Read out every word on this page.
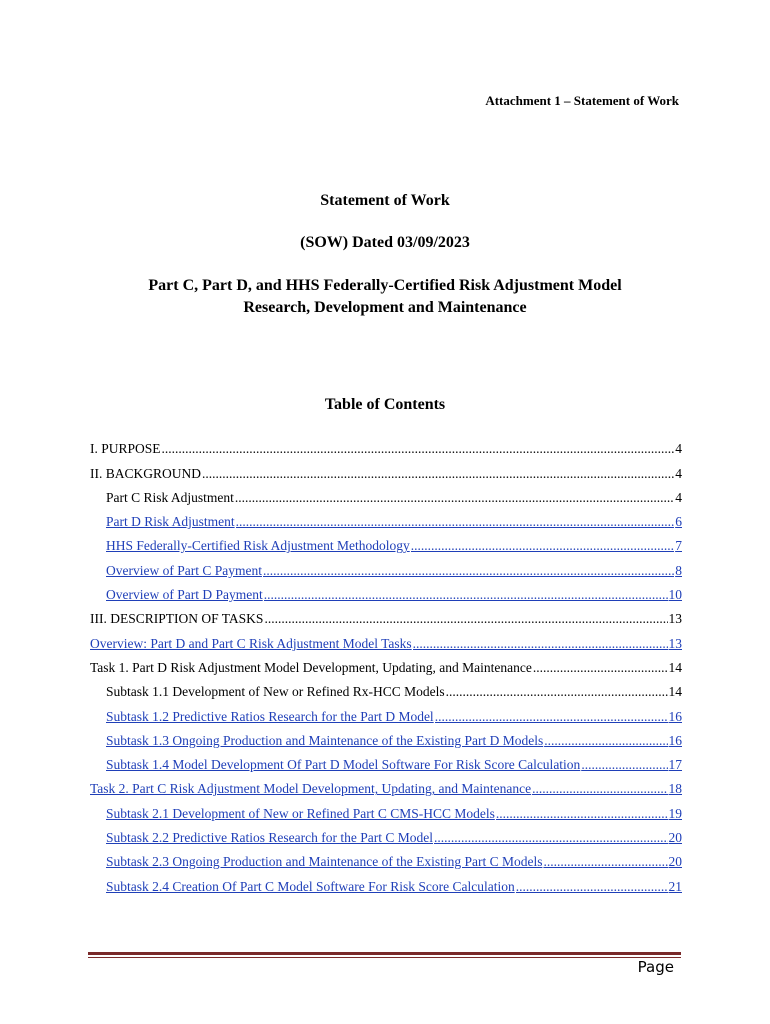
Attachment 1 – Statement of Work
Statement of Work
(SOW) Dated 03/09/2023
Part C, Part D, and HHS Federally-Certified Risk Adjustment Model
Research, Development and Maintenance
Table of Contents
I. PURPOSE .....	4
II. BACKGROUND .....	4
Part C Risk Adjustment .....	4
Part D Risk Adjustment .....	6
HHS Federally-Certified Risk Adjustment Methodology .....	7
Overview of Part C Payment .....	8
Overview of Part D Payment .....	10
III. DESCRIPTION OF TASKS .....	13
Overview: Part D and Part C Risk Adjustment Model Tasks .....	13
Task 1. Part D Risk Adjustment Model Development, Updating, and Maintenance .....	14
Subtask 1.1 Development of New or Refined Rx-HCC Models .....	14
Subtask 1.2 Predictive Ratios Research for the Part D Model .....	16
Subtask 1.3 Ongoing Production and Maintenance of the Existing Part D Models .....	16
Subtask 1.4 Model Development Of Part D Model Software For Risk Score Calculation .....	17
Task 2. Part C Risk Adjustment Model Development, Updating, and Maintenance .....	18
Subtask 2.1 Development of New or Refined Part C CMS-HCC Models .....	19
Subtask 2.2 Predictive Ratios Research for the Part C Model .....	20
Subtask 2.3 Ongoing Production and Maintenance of the Existing Part C Models .....	20
Subtask 2.4 Creation Of Part C Model Software For Risk Score Calculation .....	21
Page
